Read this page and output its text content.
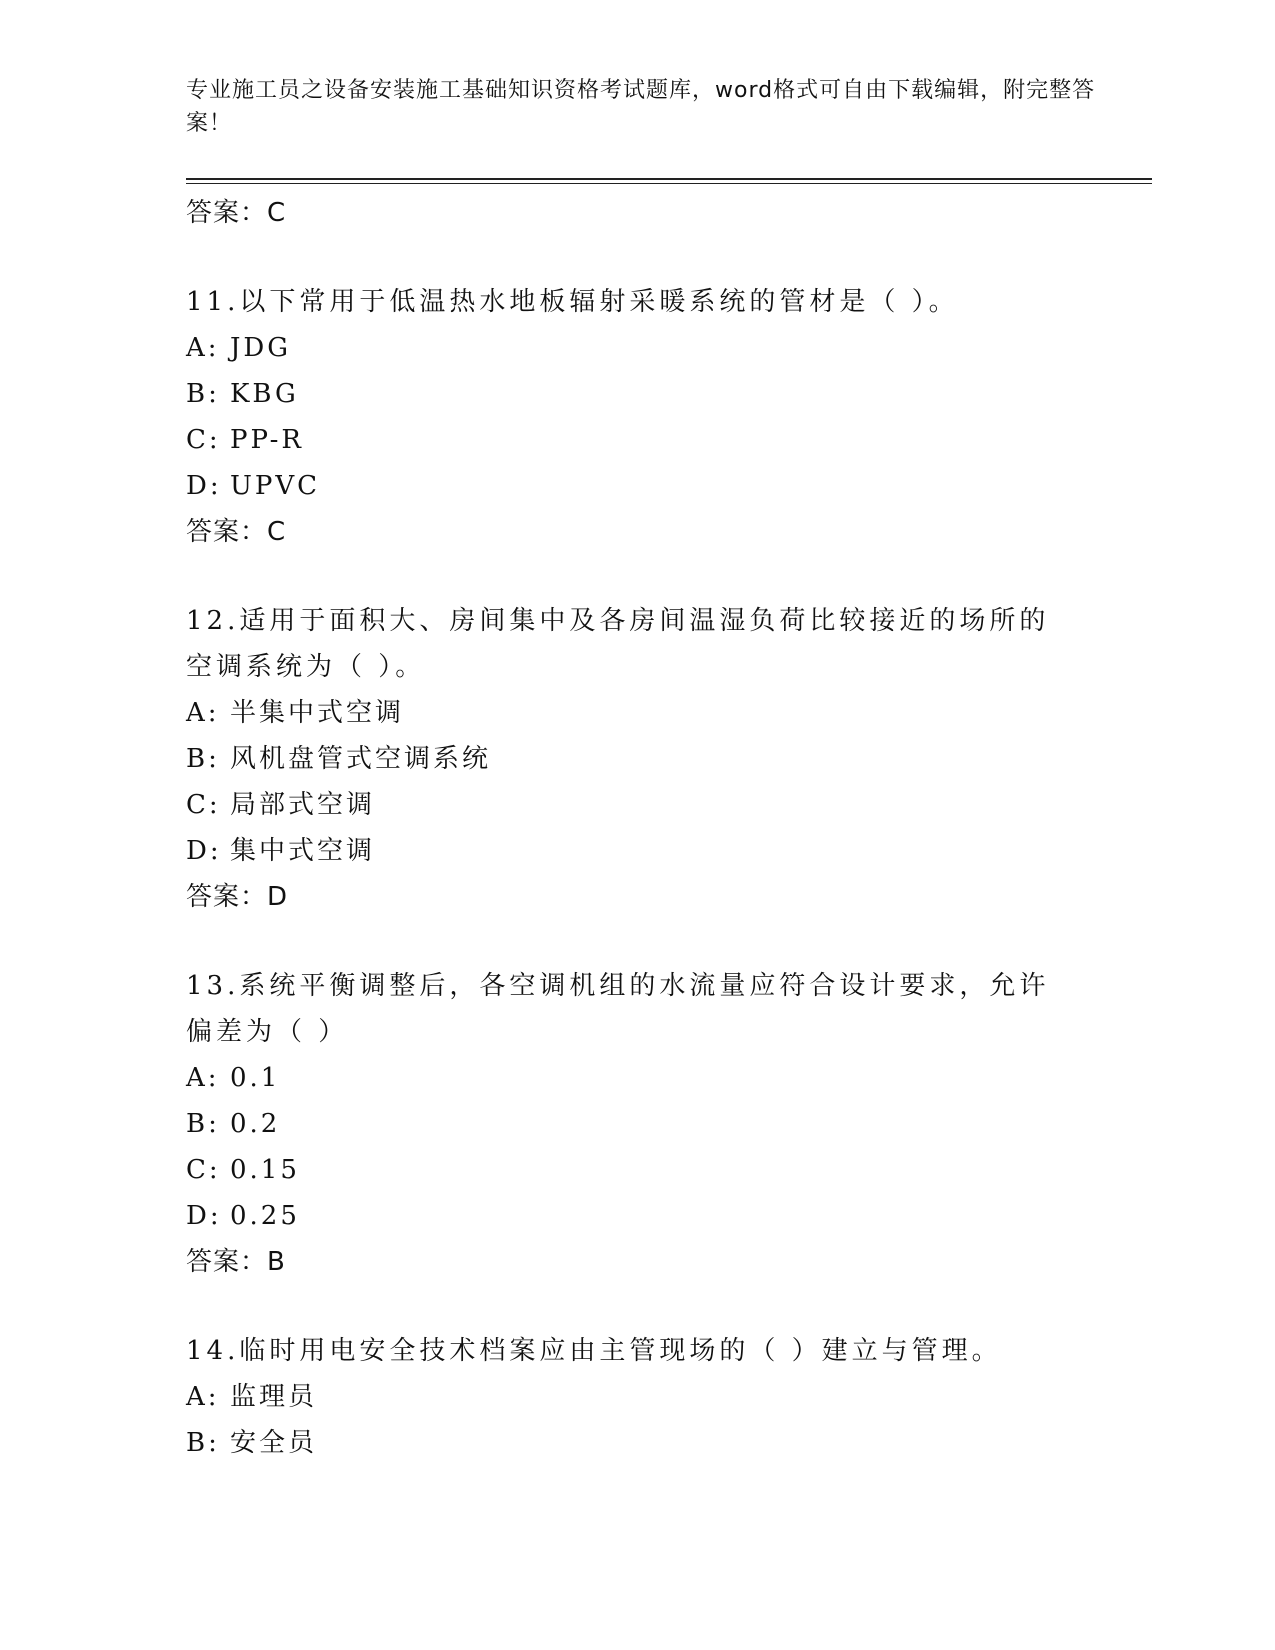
专业施工员之设备安装施工基础知识资格考试题库，word格式可自由下载编辑，附完整答案！
答案：C
11.以下常用于低温热水地板辐射采暖系统的管材是（ ）。
A: JDG
B: KBG
C: PP-R
D: UPVC
答案：C
12.适用于面积大、房间集中及各房间温湿负荷比较接近的场所的空调系统为（ ）。
A: 半集中式空调
B: 风机盘管式空调系统
C: 局部式空调
D: 集中式空调
答案：D
13.系统平衡调整后，各空调机组的水流量应符合设计要求，允许偏差为（ ）
A: 0.1
B: 0.2
C: 0.15
D: 0.25
答案：B
14.临时用电安全技术档案应由主管现场的（ ）建立与管理。
A: 监理员
B: 安全员
